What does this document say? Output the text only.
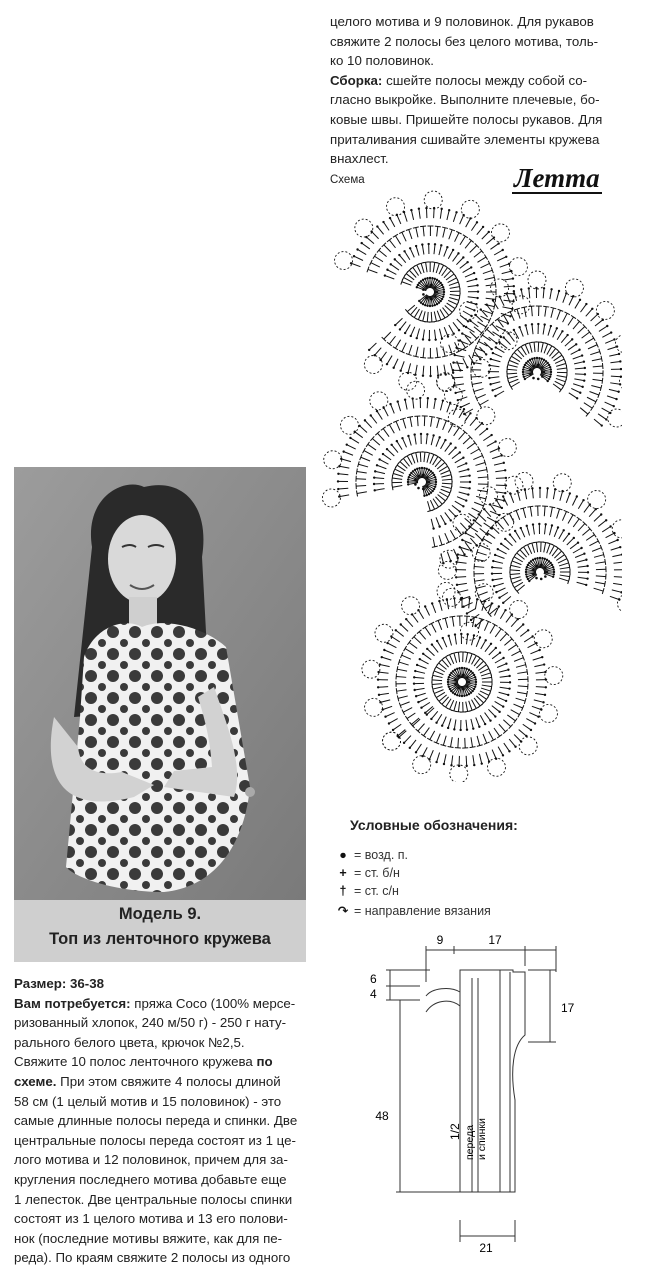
целого мотива и 9 половинок. Для рукавов
свяжите 2 полосы без целого мотива, толь-
ко 10 половинок.
Сборка: сшейте полосы между собой со-
гласно выкройке. Выполните плечевые, бо-
ковые швы. Пришейте полосы рукавов. Для
приталивания сшивайте элементы кружева
внахлест.
Схема	Летта
Условные обозначения:
● = возд. п.
+ = ст. б/н
† = ст. с/н
↷ = направление вязания
9	17
6
4
17
48
21
1/2 переда и спинки
Модель 9.
Топ из ленточного кружева
Размер: 36-38
Вам потребуется: пряжа Coco (100% мерсе-
ризованный хлопок, 240 м/50 г) - 250 г нату-
рального белого цвета, крючок №2,5.
Свяжите 10 полос ленточного кружева по
схеме. При этом свяжите 4 полосы длиной
58 см (1 целый мотив и 15 половинок) - это
самые длинные полосы переда и спинки. Две
центральные полосы переда состоят из 1 це-
лого мотива и 12 половинок, причем для за-
кругления последнего мотива добавьте еще
1 лепесток. Две центральные полосы спинки
состоят из 1 целого мотива и 13 его полови-
нок (последние мотивы вяжите, как для пе-
реда). По краям свяжите 2 полосы из одного
